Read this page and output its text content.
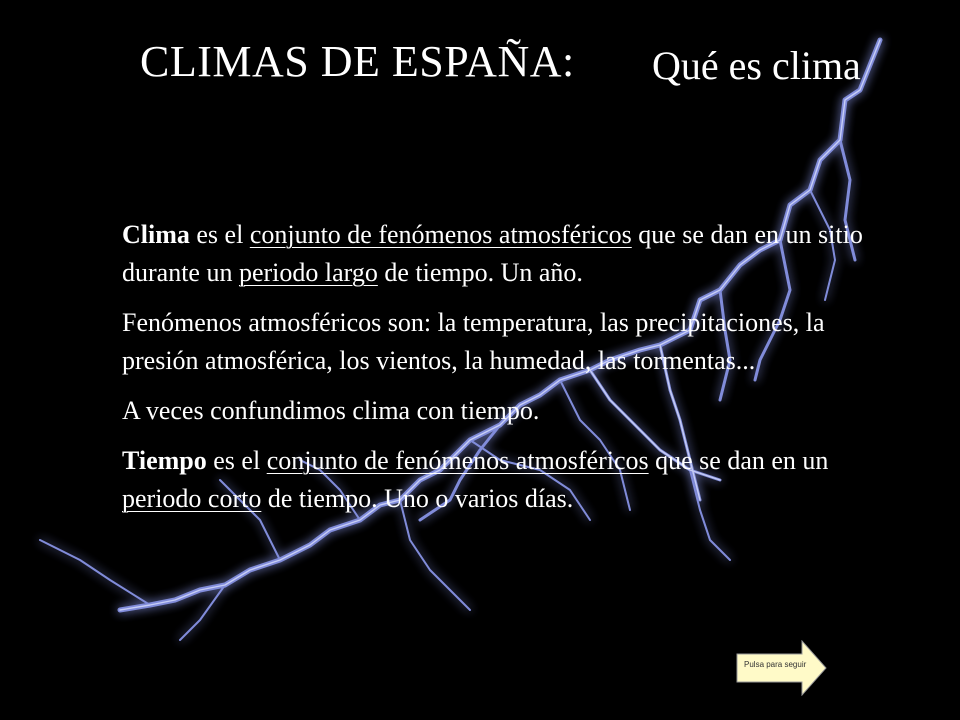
CLIMAS DE ESPAÑA: Qué es clima

Clima es el conjunto de fenómenos atmosféricos que se dan en un sitio durante un periodo largo de tiempo. Un año.

Fenómenos atmosféricos son: la temperatura, las precipitaciones, la presión atmosférica, los vientos, la humedad, las tormentas...

A veces confundimos clima con tiempo.

Tiempo es el conjunto de fenómenos atmosféricos que se dan en un periodo corto de tiempo. Uno o varios días.

Pulsa para seguir
